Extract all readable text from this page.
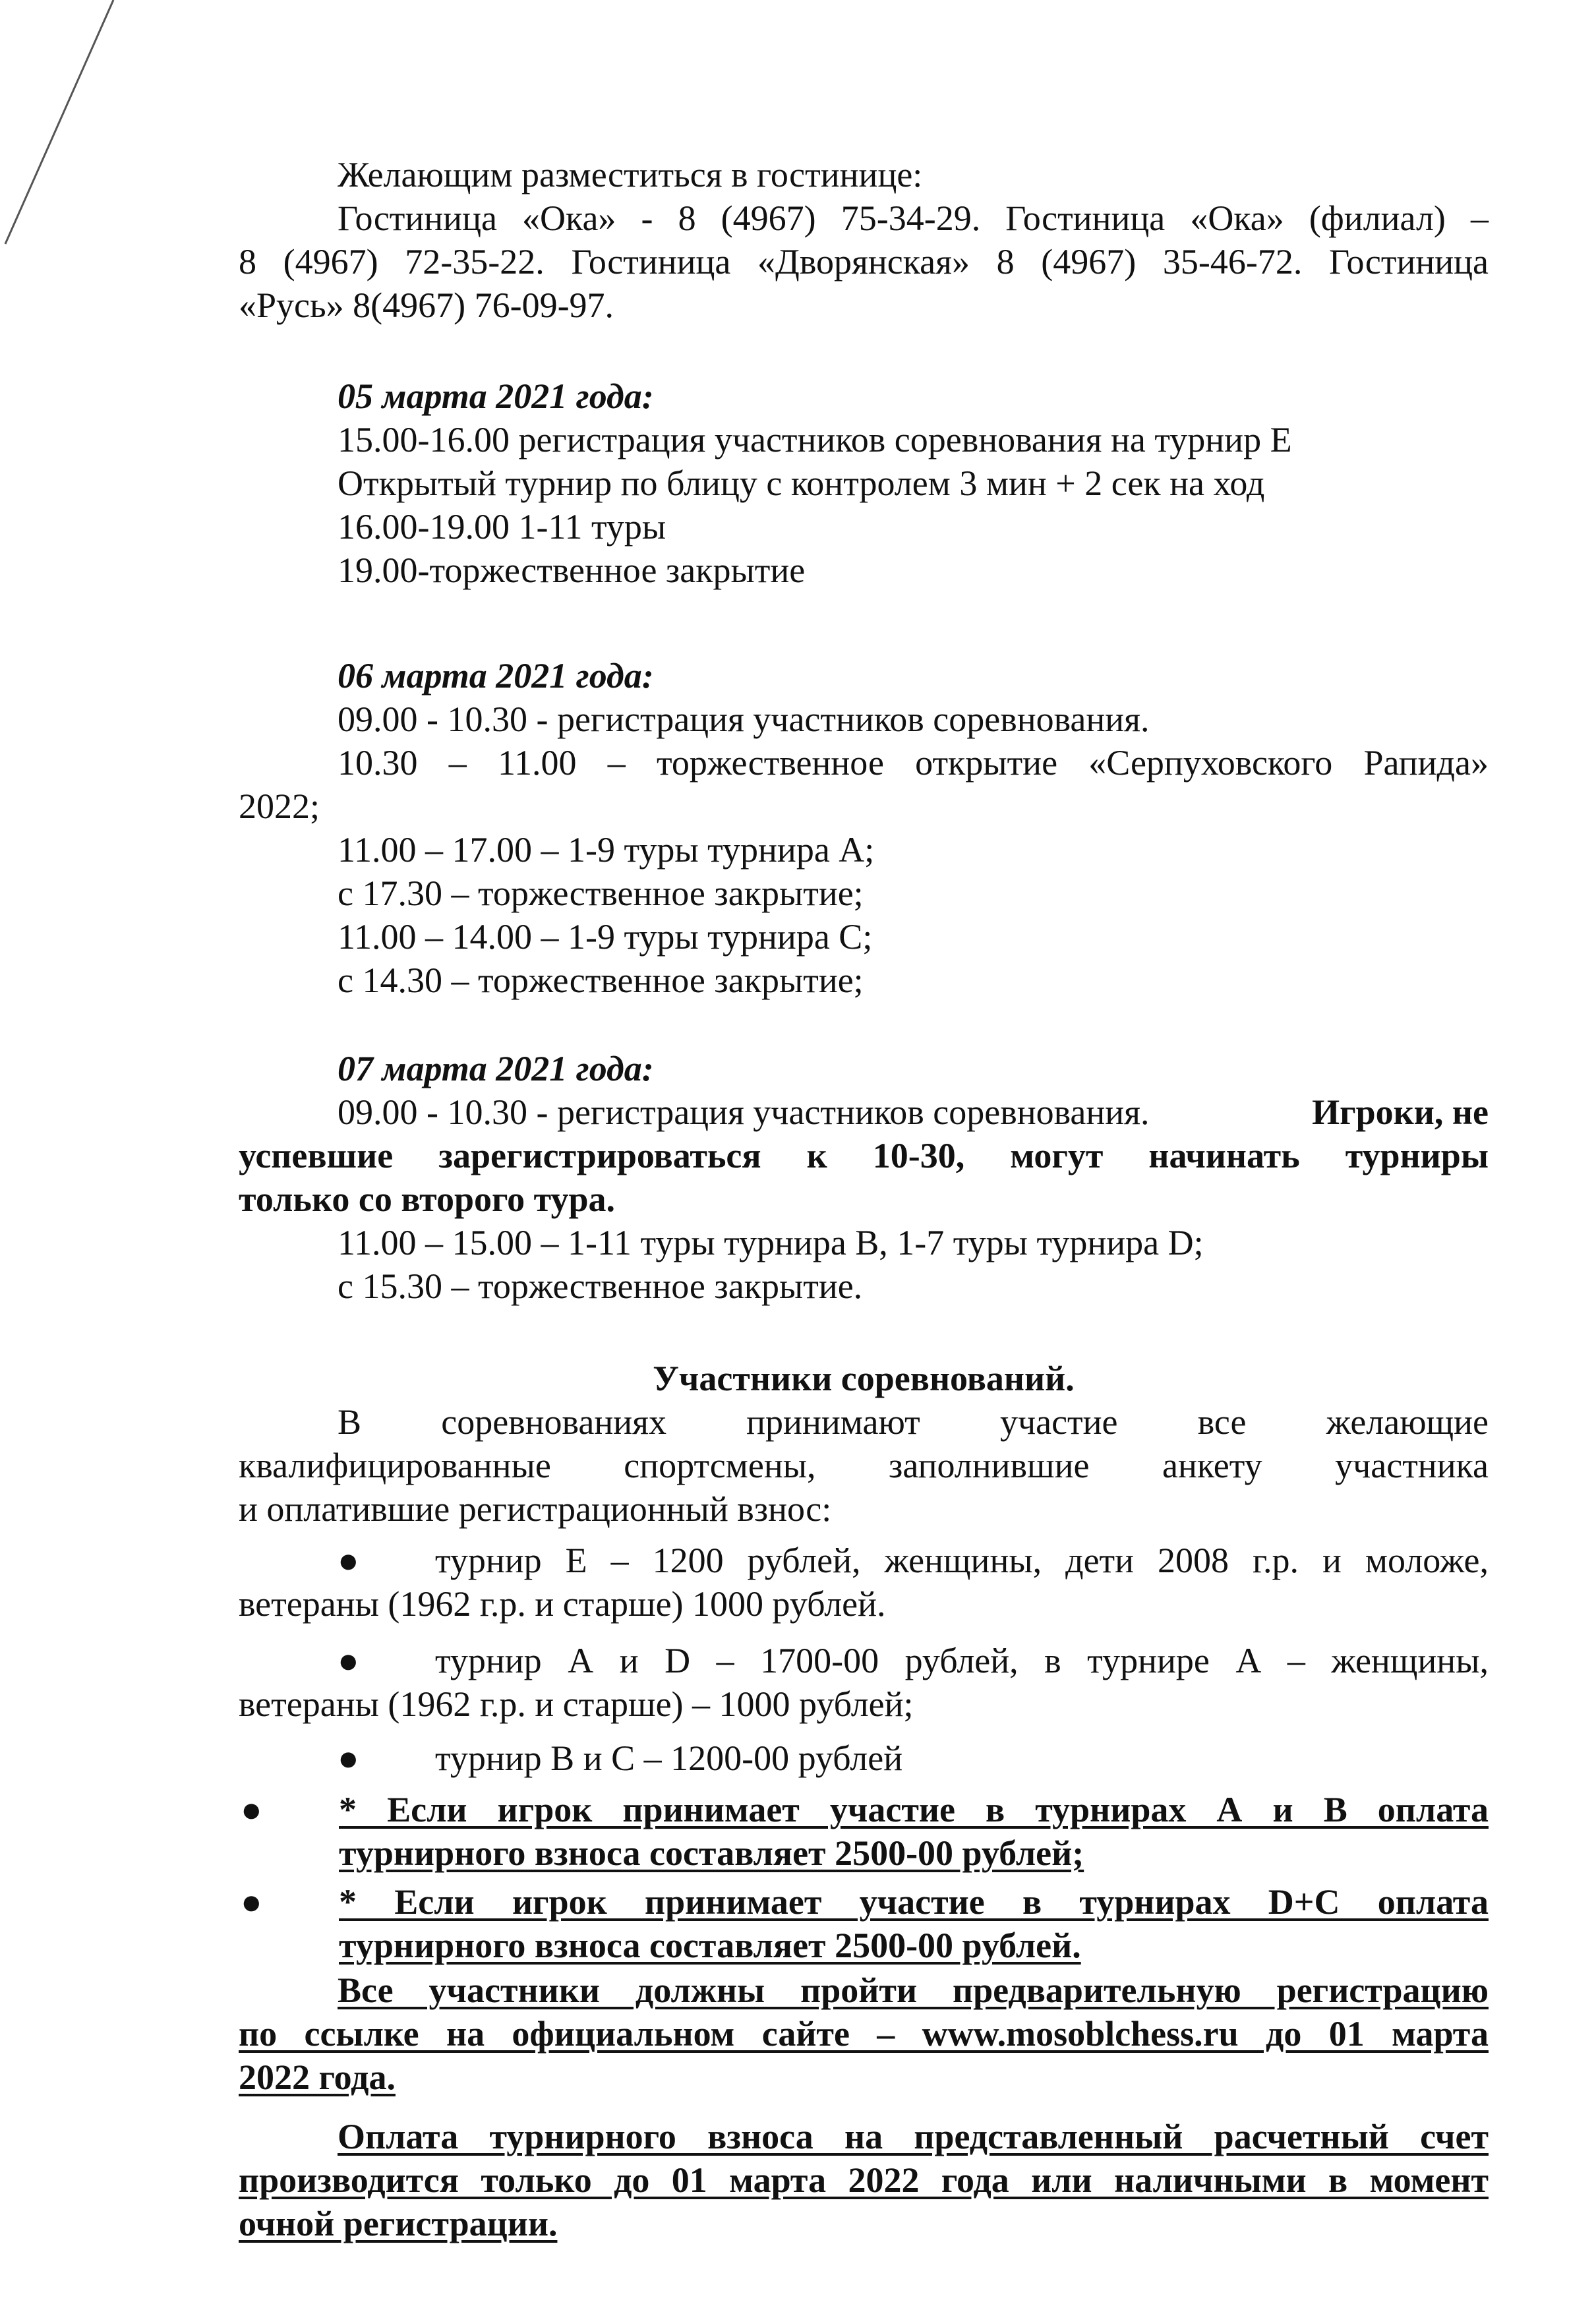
Желающим разместиться в гостинице:
Гостиница «Ока» - 8 (4967) 75-34-29. Гостиница «Ока» (филиал) –
8 (4967) 72-35-22. Гостиница «Дворянская» 8 (4967) 35-46-72. Гостиница
«Русь» 8(4967) 76-09-97.
05 марта 2021 года:
15.00-16.00 регистрация участников соревнования на турнир E
Открытый турнир по блицу с контролем 3 мин + 2 сек на ход
16.00-19.00 1-11 туры
19.00-торжественное закрытие
06 марта 2021 года:
09.00 - 10.30 - регистрация участников соревнования.
10.30 – 11.00 – торжественное открытие «Серпуховского Рапида»
2022;
11.00 – 17.00 – 1-9 туры турнира А;
с 17.30 – торжественное закрытие;
11.00 – 14.00 – 1-9 туры турнира С;
с 14.30 – торжественное закрытие;
07 марта 2021 года:
09.00 - 10.30 - регистрация участников соревнования.	Игроки, не
успевшие зарегистрироваться к 10-30, могут начинать турниры
только со второго тура.
11.00 – 15.00 – 1-11 туры турнира В, 1-7 туры турнира D;
с 15.30 – торжественное закрытие.
Участники соревнований.
В соревнованиях принимают участие все желающие
квалифицированные спортсмены, заполнившие анкету участника
и оплатившие регистрационный взнос:
● турнир Е – 1200 рублей, женщины, дети 2008 г.р. и моложе,
ветераны (1962 г.р. и старше) 1000 рублей.
● турнир А и D – 1700-00 рублей, в турнире А – женщины,
ветераны (1962 г.р. и старше) – 1000 рублей;
● турнир В и С – 1200-00 рублей
● * Если игрок принимает участие в турнирах А и В оплата
турнирного взноса составляет 2500-00 рублей;
● * Если игрок принимает участие в турнирах D+C оплата
турнирного взноса составляет 2500-00 рублей.
Все участники должны пройти предварительную регистрацию
по ссылке на официальном сайте – www.mosoblchess.ru до 01 марта
2022 года.
Оплата турнирного взноса на представленный расчетный счет
производится только до 01 марта 2022 года или наличными в момент
очной регистрации.
